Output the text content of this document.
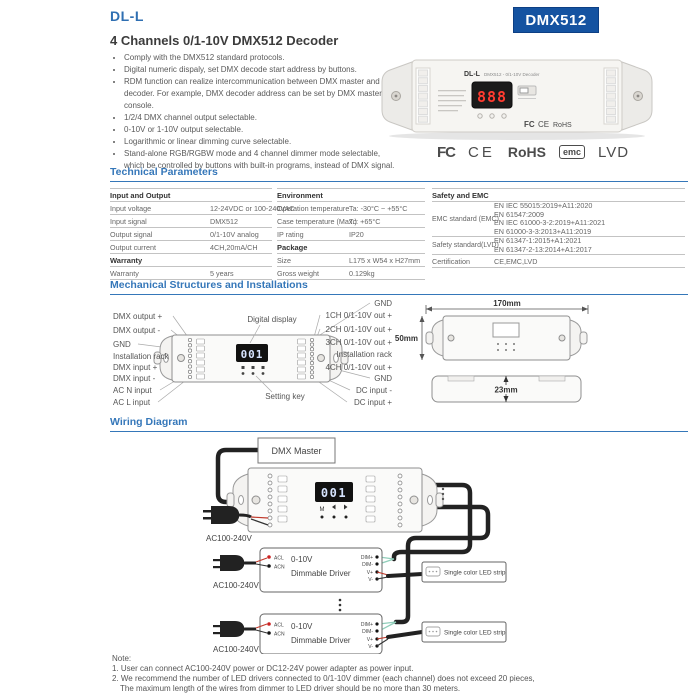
DL-L	DMX512
4 Channels 0/1-10V DMX512 Decoder
• Comply with the DMX512 standard protocols.
• Digital numeric dispaly, set DMX decode start address by buttons.
• RDM function can realize intercommunication between DMX master and decoder. For example, DMX decoder address can be set by DMX master console.
• 1/2/4 DMX channel output selectable.
• 0-10V or 1-10V output selectable.
• Logarithmic or linear dimming curve selectable.
• Stand-alone RGB/RGBW mode and 4 channel dimmer mode selectable, which be controlled by buttons with built-in programs, instead of DMX signal.
DL-L DMX512 - 0/1-10V Decoder
888
FC CE RoHS
FC CE RoHS	emc LVD
Technical Parameters
Input and Output
Input voltage	12-24VDC or 100-240VAC
Input signal	DMX512
Output signal	0/1-10V analog
Output current	4CH,20mA/CH
Warranty
Warranty	5 years
Environment
Operation temperature Ta: -30°C ~ +55°C
Case temperature (Max.)
Tc: +65°C
IP rating	IP20
Package
Size	L175 x W54 x H27mm
Gross weight	0.129kg
Safety and EMC
EMC standard (EMC)
EN IEC 55015:2019+A11:2020
EN 61547:2009
EN IEC 61000-3-2:2019+A11:2021
EN 61000-3-3:2013+A11:2019
Safety standard(LVD)
EN 61347-1:2015+A1:2021
EN 61347-2-13:2014+A1:2017
Certification	CE,EMC,LVD
Mechanical Structures and Installations
001
DMX output +
DMX output -
GND
Installation rack
DMX input +
DMX input -
AC N input
AC L input
GND
1CH 0/1-10V out +
2CH 0/1-10V out +
3CH 0/1-10V out +
Installation rack
4CH 0/1-10V out +
GND
DC input -
DC input +
Digital display
Setting key
170mm
50mm
23mm
Wiring Diagram
DMX Master
001
M
AC100-240V
ACL
ACN
0-10V
Dimmable Driver
DIM+
DIM-
V+
V-
AC100-240V
Single color LED strip
ACL
ACN
0-10V
Dimmable Driver
DIM+
DIM-
V+
V-
AC100-240V
Single color LED strip
Note:
1. User can connect AC100-240V power or DC12-24V power adapter as power input.
2. We recommend the number of LED drivers connected to 0/1-10V dimmer (each channel) does not exceed 20 pieces,
The maximum length of the wires from dimmer to LED driver should be no more than 30 meters.
